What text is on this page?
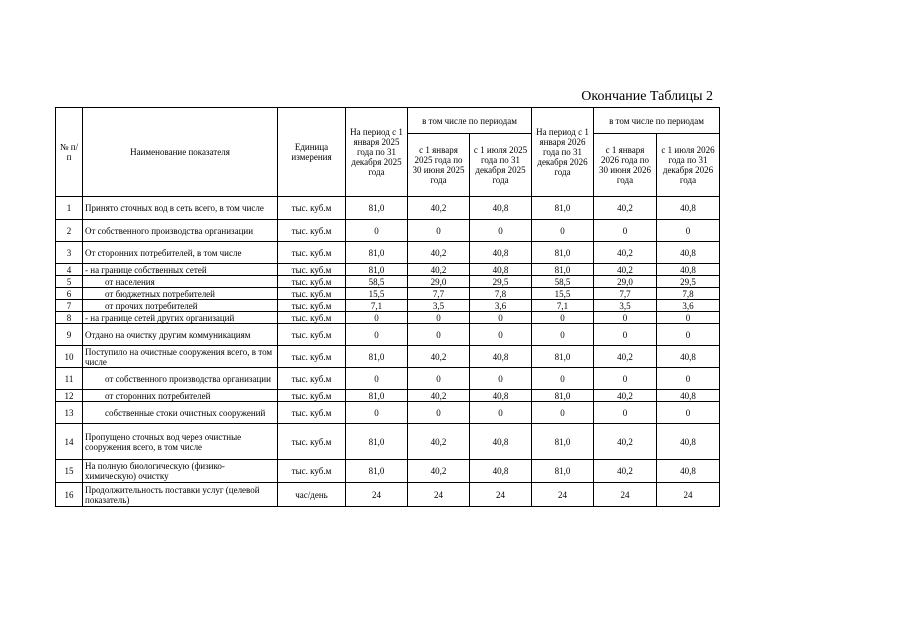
Окончание Таблицы 2
№ п/п	Наименование показателя	Единица измерения	На период с 1 января 2025 года по 31 декабря 2025 года	в том числе по периодам		На период с 1 января 2026 года по 31 декабря 2026 года	в том числе по периодам	
				с 1 января 2025 года по 30 июня 2025 года	с 1 июля 2025 года по 31 декабря 2025 года		с 1 января 2026 года по 30 июня 2026 года	с 1 июля 2026 года по 31 декабря 2026 года
1	Принято сточных вод в сеть всего, в том числе	тыс. куб.м	81,0	40,2	40,8	81,0	40,2	40,8
2	От собственного производства организации	тыс. куб.м	0	0	0	0	0	0
3	От сторонних потребителей, в том числе	тыс. куб.м	81,0	40,2	40,8	81,0	40,2	40,8
4	- на границе собственных сетей	тыс. куб.м	81,0	40,2	40,8	81,0	40,2	40,8
5	от населения	тыс. куб.м	58,5	29,0	29,5	58,5	29,0	29,5
6	от бюджетных потребителей	тыс. куб.м	15,5	7,7	7,8	15,5	7,7	7,8
7	от прочих потребителей	тыс. куб.м	7,1	3,5	3,6	7,1	3,5	3,6
8	- на границе сетей других организаций	тыс. куб.м	0	0	0	0	0	0
9	Отдано на очистку другим коммуникациям	тыс. куб.м	0	0	0	0	0	0
10	Поступило на очистные сооружения всего, в том числе	тыс. куб.м	81,0	40,2	40,8	81,0	40,2	40,8
11	от собственного производства организации	тыс. куб.м	0	0	0	0	0	0
12	от сторонних потребителей	тыс. куб.м	81,0	40,2	40,8	81,0	40,2	40,8
13	собственные стоки очистных сооружений	тыс. куб.м	0	0	0	0	0	0
14	Пропущено сточных вод через очистные сооружения всего, в том числе	тыс. куб.м	81,0	40,2	40,8	81,0	40,2	40,8
15	На полную биологическую (физико-химическую) очистку	тыс. куб.м	81,0	40,2	40,8	81,0	40,2	40,8
16	Продолжительность поставки услуг (целевой показатель)	час/день	24	24	24	24	24	24
